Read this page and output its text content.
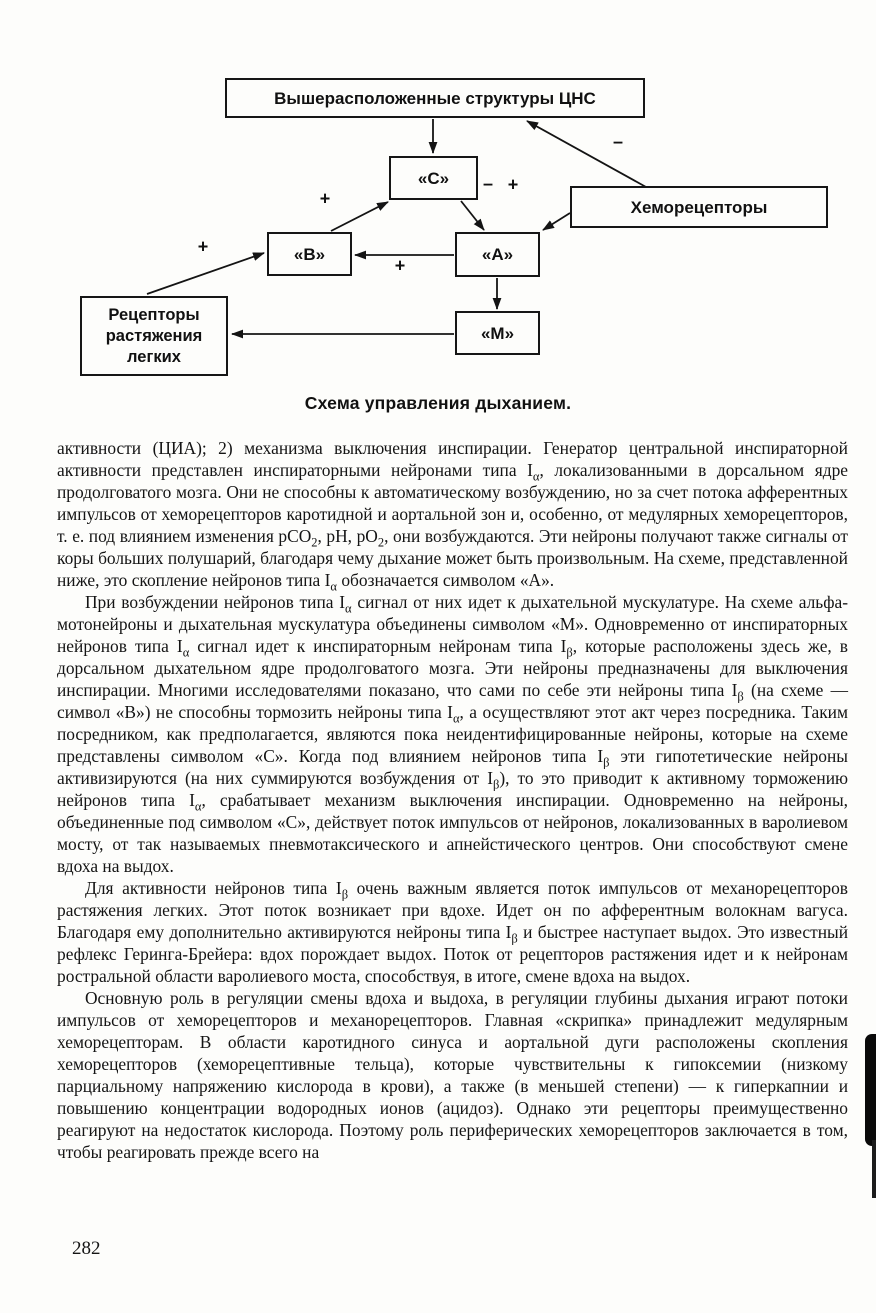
Вышерасположенные структуры ЦНС
«С»
Хеморецепторы
«В»	«А»
«М»
Рецепторы растяжения легких
–
+
– +
+
+
Схема управления дыханием.

активности (ЦИА); 2) механизма выключения инспирации. Генератор центральной инспираторной активности представлен инспираторными нейронами типа $I_\alpha$, локализованными в дорсальном ядре продолговатого мозга. Они не способны к автоматическому возбуждению, но за счет потока афферентных импульсов от хеморецепторов каротидной и аортальной зон и, особенно, от медулярных хеморецепторов, т. е. под влиянием изменения pCO$_2$, pH, $pO_2$, они возбуждаются. Эти нейроны получают также сигналы от коры больших полушарий, благодаря чему дыхание может быть произвольным. На схеме, представленной ниже, это скопление нейронов типа $I_\alpha$ обозначается символом «А».

При возбуждении нейронов типа $I_\alpha$ сигнал от них идет к дыхательной мускулатуре. На схеме альфа-мотонейроны и дыхательная мускулатура объединены символом «М». Одновременно от инспираторных нейронов типа $I_\alpha$ сигнал идет к инспираторным нейронам типа $I_\beta$, которые расположены здесь же, в дорсальном дыхательном ядре продолговатого мозга. Эти нейроны предназначены для выключения инспирации. Многими исследователями показано, что сами по себе эти нейроны типа $I_\beta$ (на схеме — символ «В») не способны тормозить нейроны типа $I_\alpha$, а осуществляют этот акт через посредника. Таким посредником, как предполагается, являются пока неидентифицированные нейроны, которые на схеме представлены символом «С». Когда под влиянием нейронов типа $I_\beta$ эти гипотетические нейроны активизируются (на них суммируются возбуждения от $I_\beta$), то это приводит к активному торможению нейронов типа $I_\alpha$, срабатывает механизм выключения инспирации. Одновременно на нейроны, объединенные под символом «С», действует поток импульсов от нейронов, локализованных в варолиевом мосту, от так называемых пневмотаксического и апнейстического центров. Они способствуют смене вдоха на выдох.

Для активности нейронов типа $I_\beta$ очень важным является поток импульсов от механорецепторов растяжения легких. Этот поток возникает при вдохе. Идет он по афферентным волокнам вагуса. Благодаря ему дополнительно активируются нейроны типа $I_\beta$ и быстрее наступает выдох. Это известный рефлекс Геринга-Брейера: вдох порождает выдох. Поток от рецепторов растяжения идет и к нейронам ростральной области варолиевого моста, способствуя, в итоге, смене вдоха на выдох.

Основную роль в регуляции смены вдоха и выдоха, в регуляции глубины дыхания играют потоки импульсов от хеморецепторов и механорецепторов. Главная «скрипка» принадлежит медулярным хеморецепторам. В области каротидного синуса и аортальной дуги расположены скопления хеморецепторов (хеморецептивные тельца), которые чувствительны к гипоксемии (низкому парциальному напряжению кислорода в крови), а также (в меньшей степени) — к гиперкапнии и повышению концентрации водородных ионов (ацидоз). Однако эти рецепторы преимущественно реагируют на недостаток кислорода. Поэтому роль периферических хеморецепторов заключается в том, чтобы реагировать прежде всего на

282
